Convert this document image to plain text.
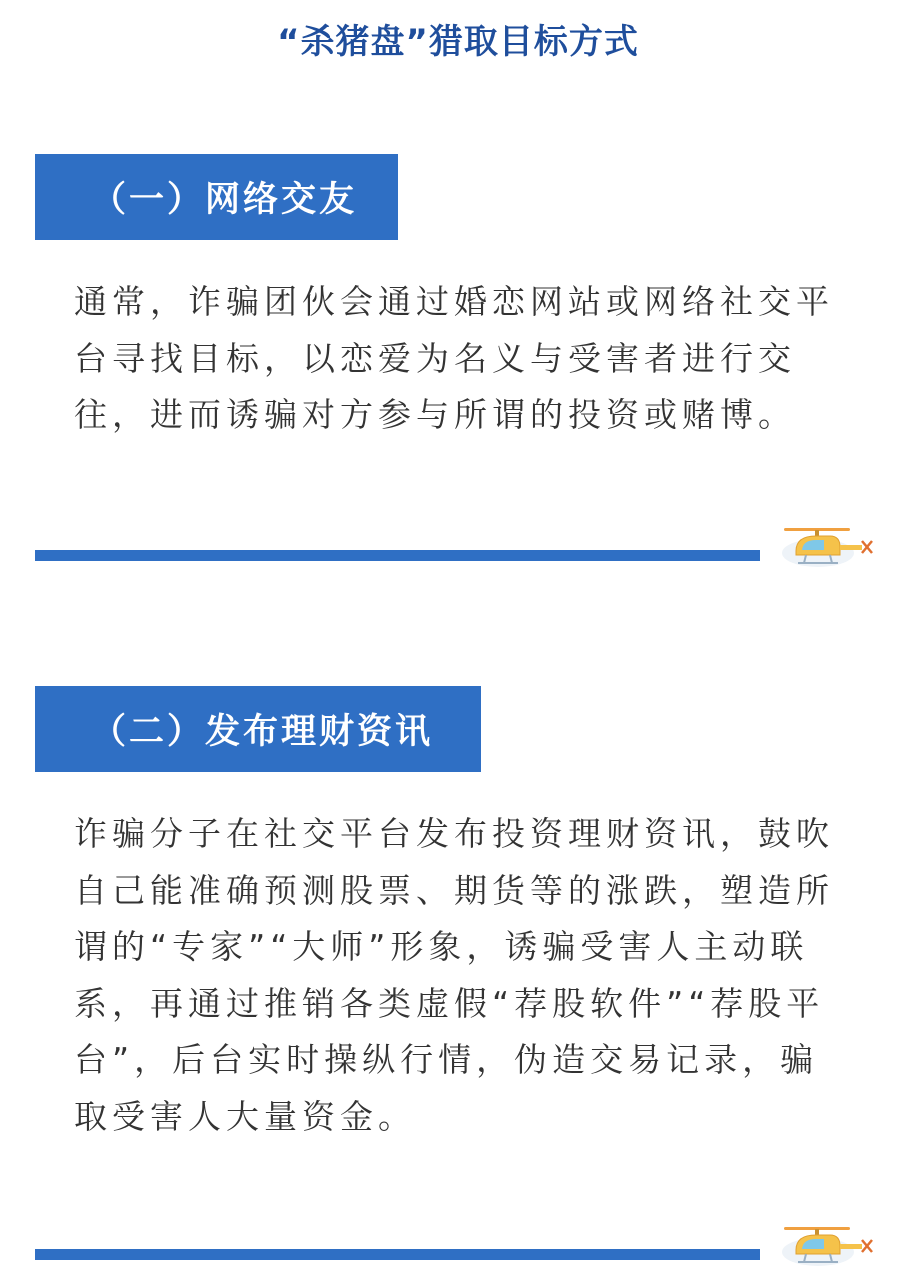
“杀猪盘”猎取目标方式
（一）网络交友

通常，诈骗团伙会通过婚恋网站或网络社交平台寻找目标，以恋爱为名义与受害者进行交往，进而诱骗对方参与所谓的投资或赌博。

（二）发布理财资讯

诈骗分子在社交平台发布投资理财资讯，鼓吹自己能准确预测股票、期货等的涨跌，塑造所谓的“专家”“大师”形象，诱骗受害人主动联系，再通过推销各类虚假“荐股软件”“荐股平台”，后台实时操纵行情，伪造交易记录，骗取受害人大量资金。
